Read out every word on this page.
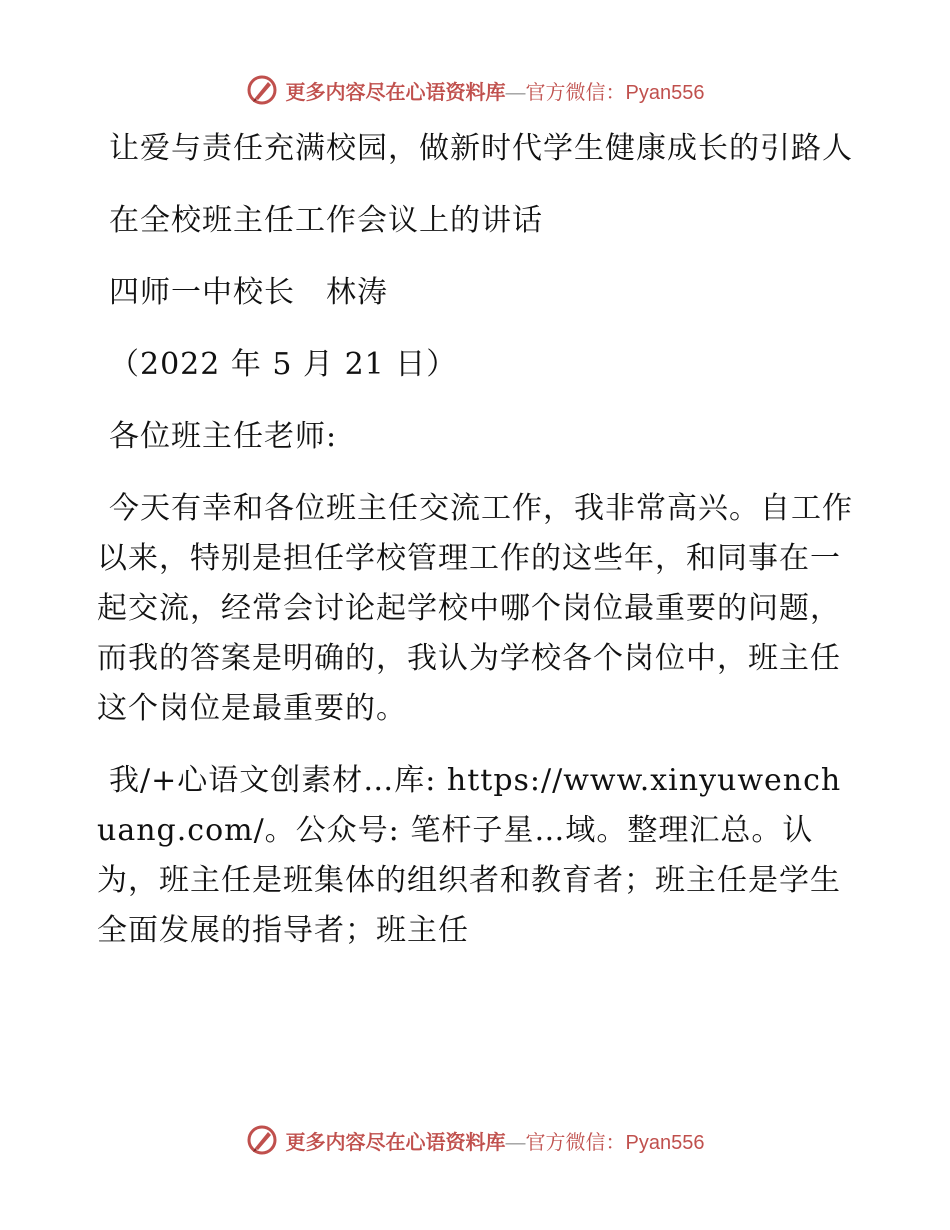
更多内容尽在心语资料库—官方微信：Pyan556

让爱与责任充满校园，做新时代学生健康成长的引路人

在全校班主任工作会议上的讲话

四师一中校长　林涛

（2022 年 5 月 21 日）

各位班主任老师:

今天有幸和各位班主任交流工作，我非常高兴。自工作以来，特别是担任学校管理工作的这些年，和同事在一起交流，经常会讨论起学校中哪个岗位最重要的问题，而我的答案是明确的，我认为学校各个岗位中，班主任这个岗位是最重要的。

我/+心语文创素材…库: https://www.xinyuwenchuang.com/。公众号: 笔杆子星…域。整理汇总。认为，班主任是班集体的组织者和教育者；班主任是学生全面发展的指导者；班主任

更多内容尽在心语资料库—官方微信：Pyan556
